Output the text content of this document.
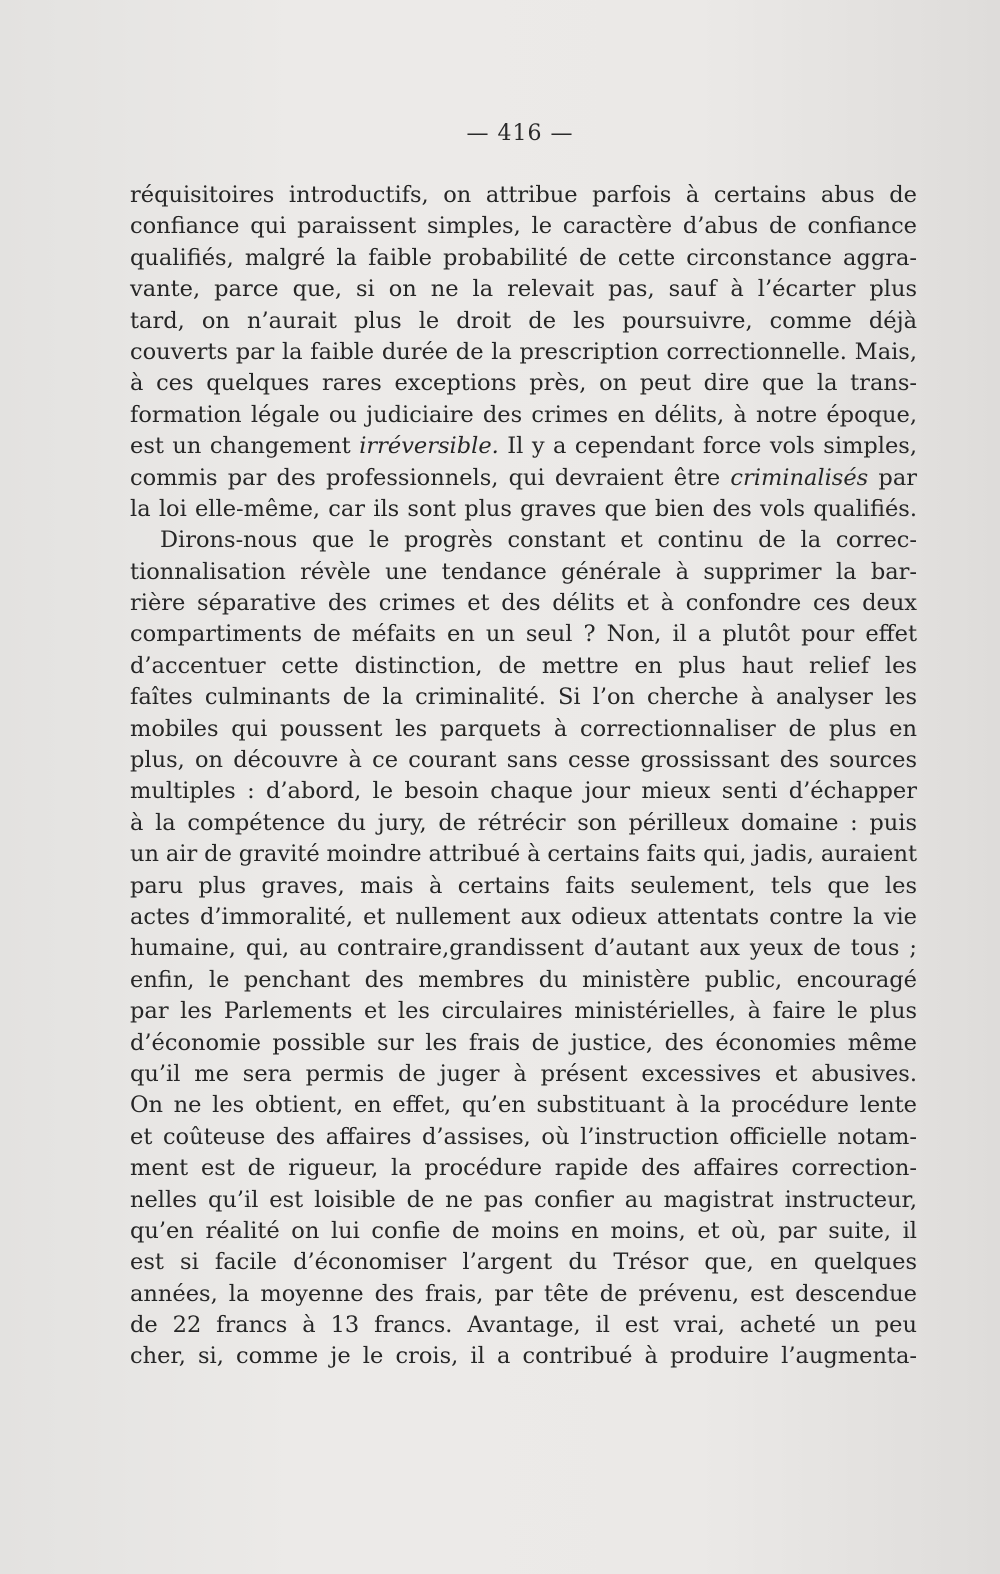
— 416 —
réquisitoires introductifs, on attribue parfois à certains abus de
confiance qui paraissent simples, le caractère d’abus de confiance
qualifiés, malgré la faible probabilité de cette circonstance aggra-
vante, parce que, si on ne la relevait pas, sauf à l’écarter plus
tard, on n’aurait plus le droit de les poursuivre, comme déjà
couverts par la faible durée de la prescription correctionnelle. Mais,
à ces quelques rares exceptions près, on peut dire que la trans-
formation légale ou judiciaire des crimes en délits, à notre époque,
est un changement irréversible. Il y a cependant force vols simples,
commis par des professionnels, qui devraient être criminalisés par
la loi elle-même, car ils sont plus graves que bien des vols qualifiés.
Dirons-nous que le progrès constant et continu de la correc-
tionnalisation révèle une tendance générale à supprimer la bar-
rière séparative des crimes et des délits et à confondre ces deux
compartiments de méfaits en un seul ? Non, il a plutôt pour effet
d’accentuer cette distinction, de mettre en plus haut relief les
faîtes culminants de la criminalité. Si l’on cherche à analyser les
mobiles qui poussent les parquets à correctionnaliser de plus en
plus, on découvre à ce courant sans cesse grossissant des sources
multiples : d’abord, le besoin chaque jour mieux senti d’échapper
à la compétence du jury, de rétrécir son périlleux domaine : puis
un air de gravité moindre attribué à certains faits qui, jadis, auraient
paru plus graves, mais à certains faits seulement, tels que les
actes d’immoralité, et nullement aux odieux attentats contre la vie
humaine, qui, au contraire,grandissent d’autant aux yeux de tous ;
enfin, le penchant des membres du ministère public, encouragé
par les Parlements et les circulaires ministérielles, à faire le plus
d’économie possible sur les frais de justice, des économies même
qu’il me sera permis de juger à présent excessives et abusives.
On ne les obtient, en effet, qu’en substituant à la procédure lente
et coûteuse des affaires d’assises, où l’instruction officielle notam-
ment est de rigueur, la procédure rapide des affaires correction-
nelles qu’il est loisible de ne pas confier au magistrat instructeur,
qu’en réalité on lui confie de moins en moins, et où, par suite, il
est si facile d’économiser l’argent du Trésor que, en quelques
années, la moyenne des frais, par tête de prévenu, est descendue
de 22 francs à 13 francs. Avantage, il est vrai, acheté un peu
cher, si, comme je le crois, il a contribué à produire l’augmenta-
